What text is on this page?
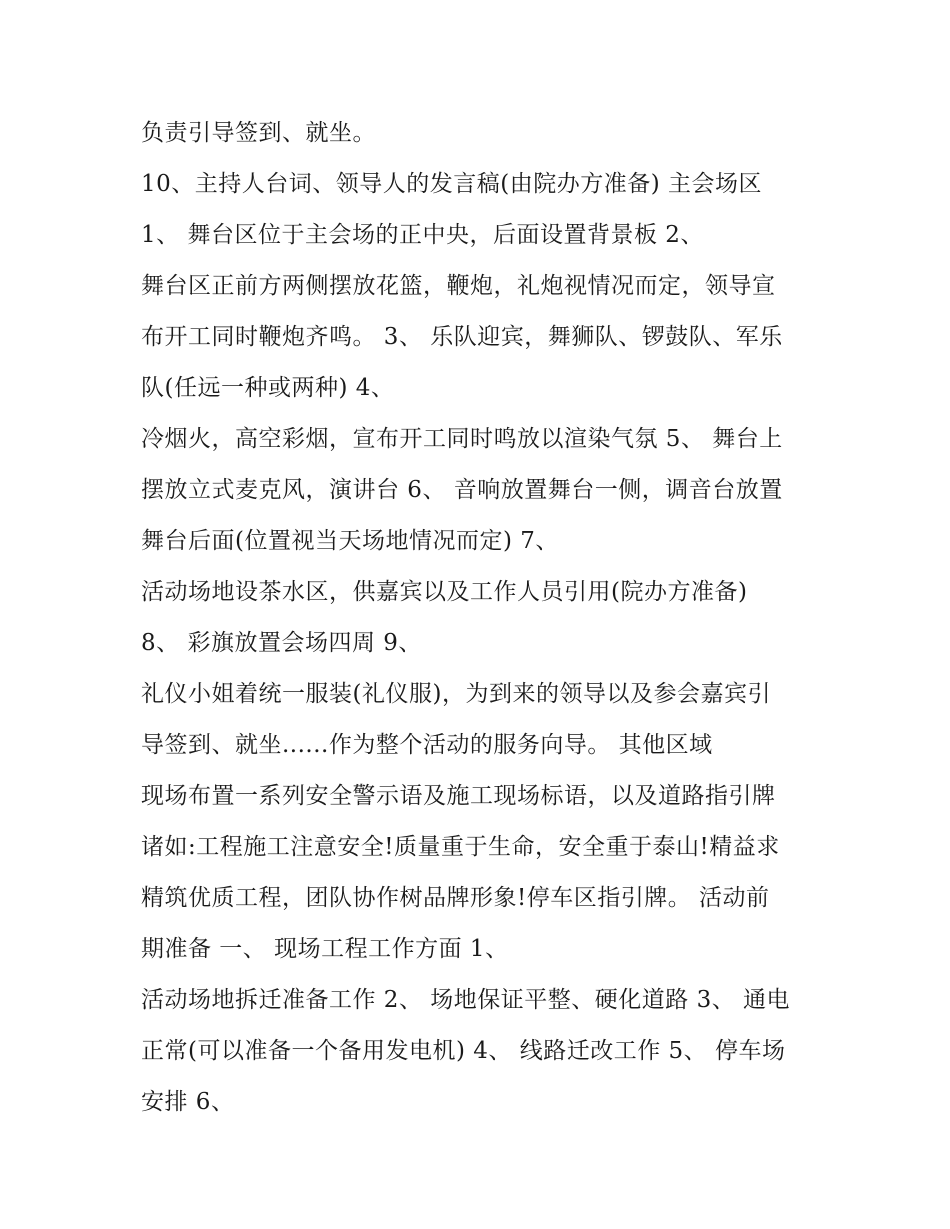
负责引导签到、就坐。
10、主持人台词、领导人的发言稿(由院办方准备) 主会场区
1、 舞台区位于主会场的正中央，后面设置背景板 2、
舞台区正前方两侧摆放花篮，鞭炮，礼炮视情况而定，领导宣
布开工同时鞭炮齐鸣。 3、 乐队迎宾，舞狮队、锣鼓队、军乐
队(任远一种或两种) 4、
冷烟火，高空彩烟，宣布开工同时鸣放以渲染气氛 5、 舞台上
摆放立式麦克风，演讲台 6、 音响放置舞台一侧，调音台放置
舞台后面(位置视当天场地情况而定) 7、
活动场地设茶水区，供嘉宾以及工作人员引用(院办方准备)
8、 彩旗放置会场四周 9、
礼仪小姐着统一服装(礼仪服)，为到来的领导以及参会嘉宾引
导签到、就坐......作为整个活动的服务向导。 其他区域
现场布置一系列安全警示语及施工现场标语，以及道路指引牌
诸如:工程施工注意安全!质量重于生命，安全重于泰山!精益求
精筑优质工程，团队协作树品牌形象!停车区指引牌。 活动前
期准备 一、 现场工程工作方面 1、
活动场地拆迁准备工作 2、 场地保证平整、硬化道路 3、 通电
正常(可以准备一个备用发电机) 4、 线路迁改工作 5、 停车场
安排 6、
